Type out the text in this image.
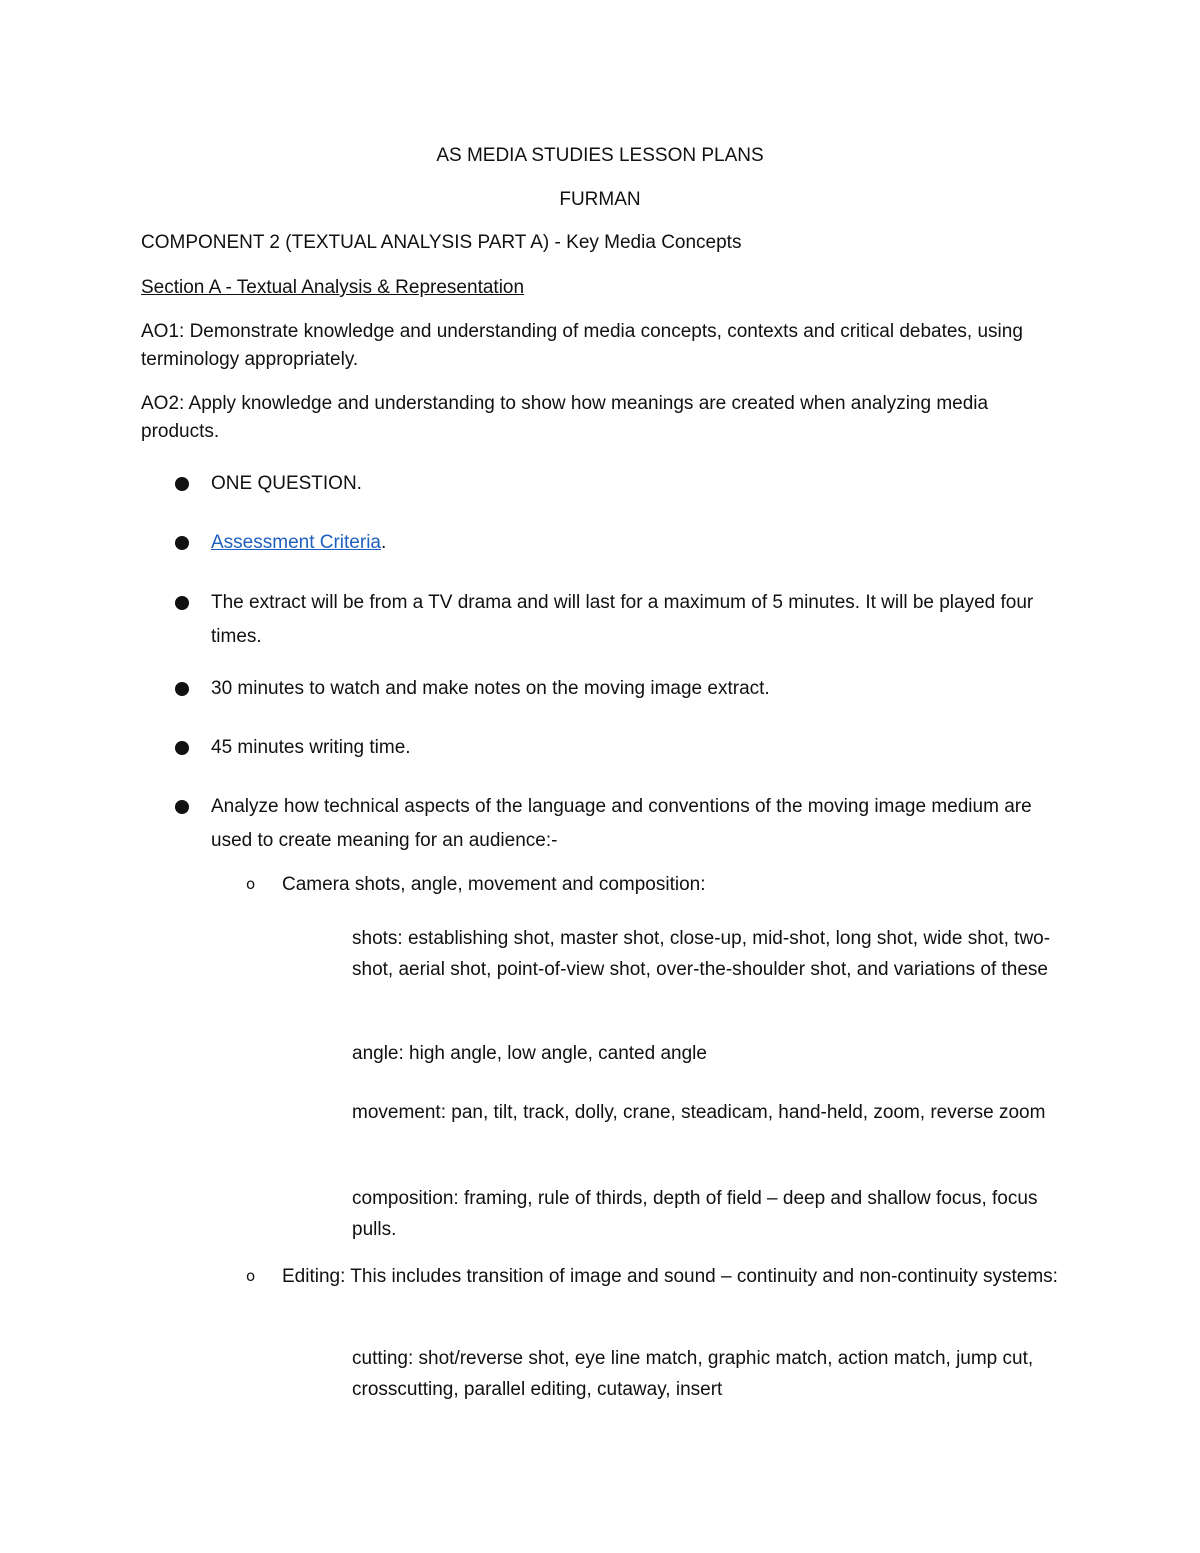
AS MEDIA STUDIES LESSON PLANS
FURMAN
COMPONENT 2 (TEXTUAL ANALYSIS PART A) - Key Media Concepts
Section A - Textual Analysis & Representation
AO1: Demonstrate knowledge and understanding of media concepts, contexts and critical debates, using terminology appropriately.
AO2: Apply knowledge and understanding to show how meanings are created when analyzing media products.
ONE QUESTION.
Assessment Criteria.
The extract will be from a TV drama and will last for a maximum of 5 minutes. It will be played four times.
30 minutes to watch and make notes on the moving image extract.
45 minutes writing time.
Analyze how technical aspects of the language and conventions of the moving image medium are used to create meaning for an audience:-
o Camera shots, angle, movement and composition:
shots: establishing shot, master shot, close-up, mid-shot, long shot, wide shot, two-shot, aerial shot, point-of-view shot, over-the-shoulder shot, and variations of these
angle: high angle, low angle, canted angle
movement: pan, tilt, track, dolly, crane, steadicam, hand-held, zoom, reverse zoom
composition: framing, rule of thirds, depth of field – deep and shallow focus, focus pulls.
o Editing: This includes transition of image and sound – continuity and non-continuity systems:
cutting: shot/reverse shot, eye line match, graphic match, action match, jump cut, crosscutting, parallel editing, cutaway, insert
